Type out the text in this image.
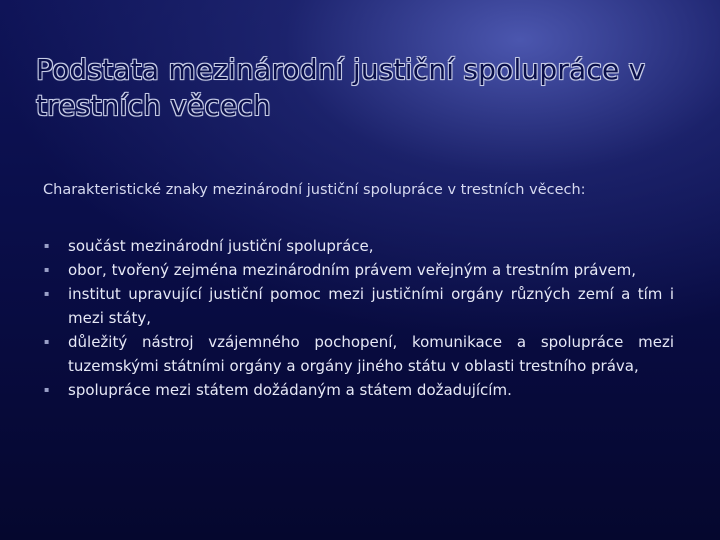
Podstata mezinárodní justiční spolupráce v trestních věcech

Charakteristické znaky mezinárodní justiční spolupráce v trestních věcech:

▪	součást mezinárodní justiční spolupráce,
▪	obor, tvořený zejména mezinárodním právem veřejným a trestním právem,
▪	institut upravující justiční pomoc mezi justičními orgány různých zemí a tím i mezi státy,
▪	důležitý nástroj vzájemného pochopení, komunikace a spolupráce mezi tuzemskými státními orgány a orgány jiného státu v oblasti trestního práva,
▪	spolupráce mezi státem dožádaným a státem dožadujícím.
